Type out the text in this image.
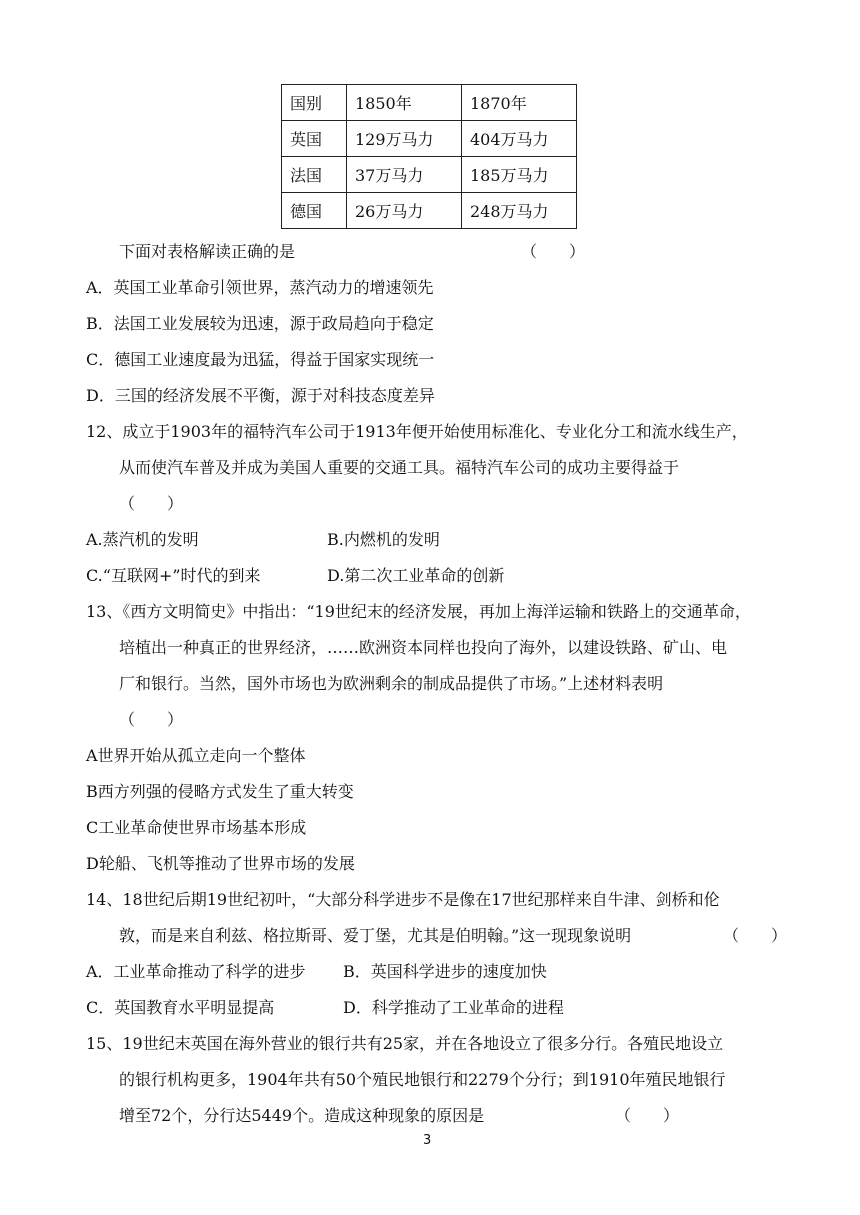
国别	1850年	1870年
英国	129万马力	404万马力
法国	37万马力	185万马力
德国	26万马力	248万马力
下面对表格解读正确的是	（　　）
A．英国工业革命引领世界，蒸汽动力的增速领先
B．法国工业发展较为迅速，源于政局趋向于稳定
C．德国工业速度最为迅猛，得益于国家实现统一
D．三国的经济发展不平衡，源于对科技态度差异
12、成立于1903年的福特汽车公司于1913年便开始使用标准化、专业化分工和流水线生产，
从而使汽车普及并成为美国人重要的交通工具。福特汽车公司的成功主要得益于
（　　）
A.蒸汽机的发明	B.内燃机的发明
C.“互联网+”时代的到来	D.第二次工业革命的创新
13、《西方文明简史》中指出：“19世纪末的经济发展，再加上海洋运输和铁路上的交通革命，
培植出一种真正的世界经济，……欧洲资本同样也投向了海外，以建设铁路、矿山、电
厂和银行。当然，国外市场也为欧洲剩余的制成品提供了市场。”上述材料表明
（　　）
A世界开始从孤立走向一个整体
B西方列强的侵略方式发生了重大转变
C工业革命使世界市场基本形成
D轮船、飞机等推动了世界市场的发展
14、18世纪后期19世纪初叶，“大部分科学进步不是像在17世纪那样来自牛津、剑桥和伦
敦，而是来自利兹、格拉斯哥、爱丁堡，尤其是伯明翰。”这一现现象说明	（　　）
A．工业革命推动了科学的进步 B．英国科学进步的速度加快
C．英国教育水平明显提高	D．科学推动了工业革命的进程
15、19世纪末英国在海外营业的银行共有25家，并在各地设立了很多分行。各殖民地设立
的银行机构更多，1904年共有50个殖民地银行和2279个分行；到1910年殖民地银行
增至72个，分行达5449个。造成这种现象的原因是	（　　）
3
